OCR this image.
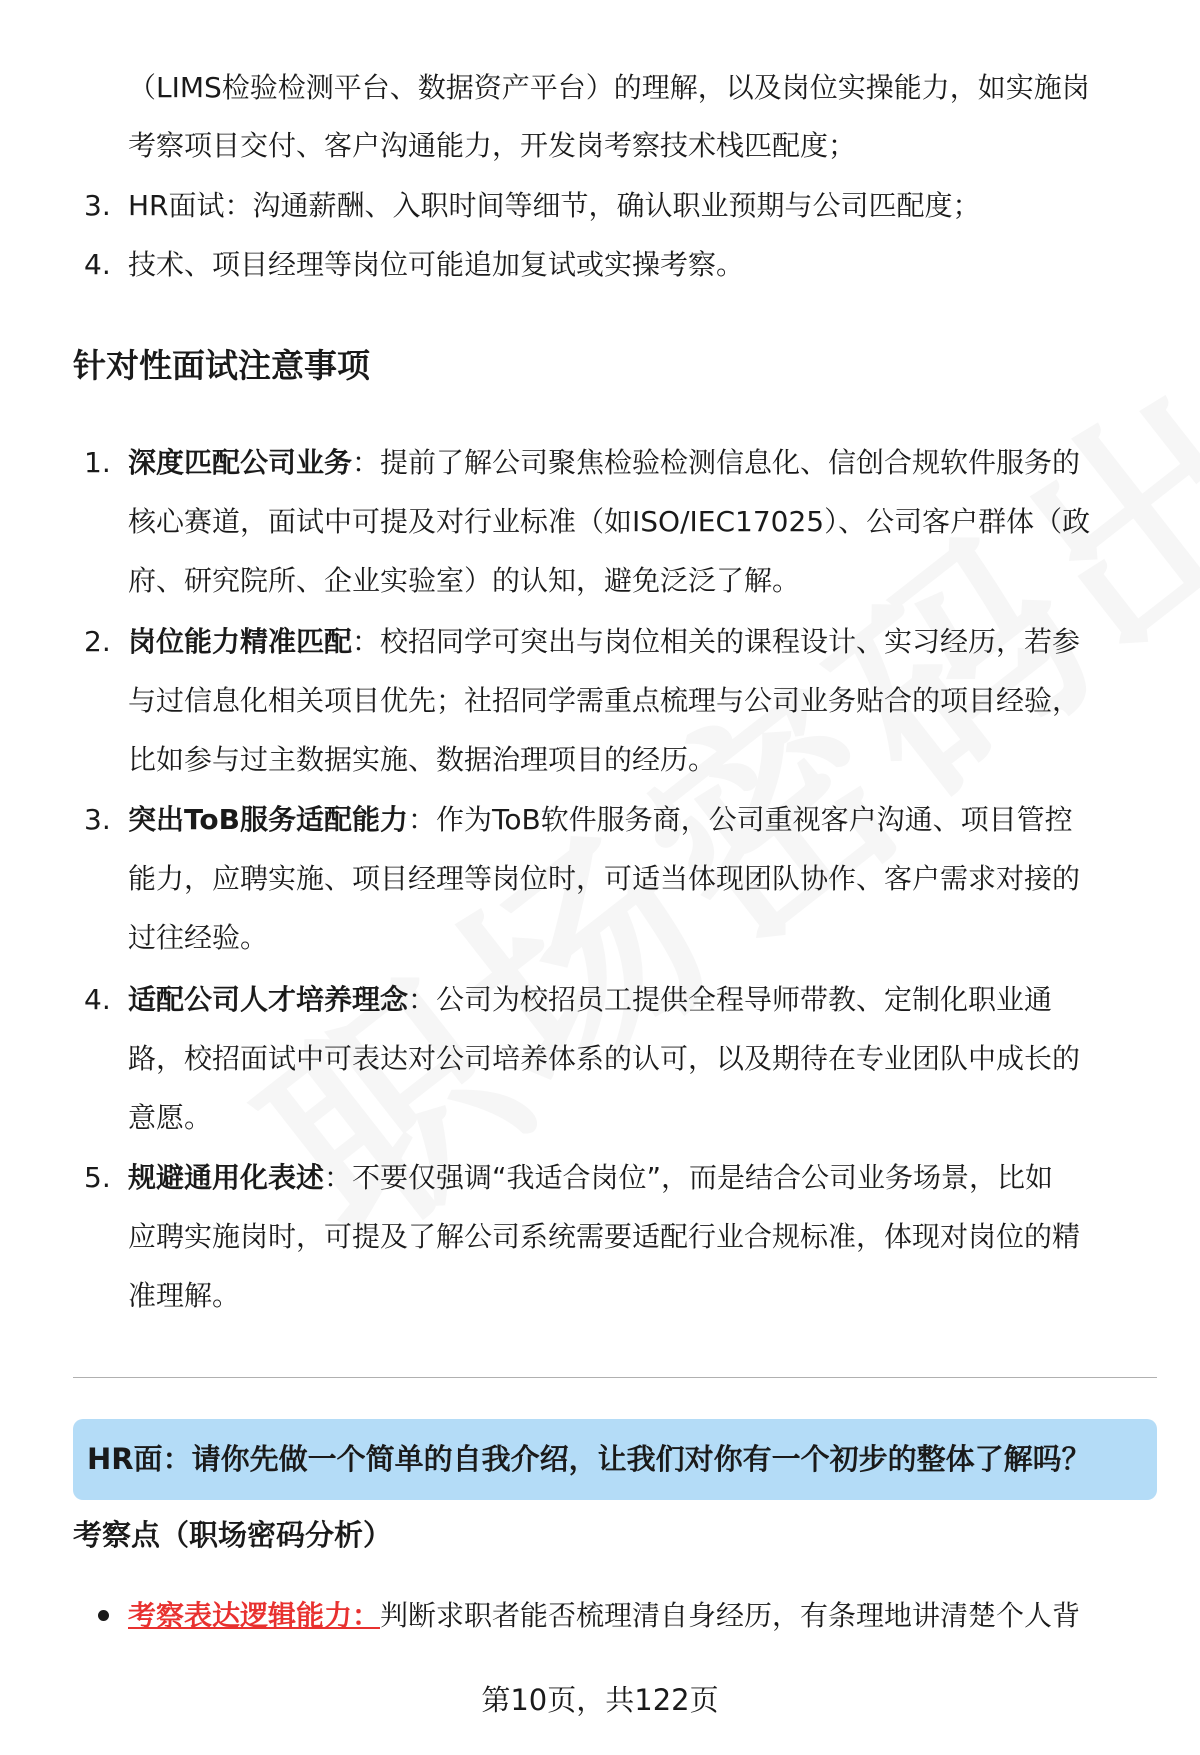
（LIMS检验检测平台、数据资产平台）的理解，以及岗位实操能力，如实施岗
考察项目交付、客户沟通能力，开发岗考察技术栈匹配度；
3. HR面试：沟通薪酬、入职时间等细节，确认职业预期与公司匹配度；
4. 技术、项目经理等岗位可能追加复试或实操考察。
针对性面试注意事项
1. 深度匹配公司业务：提前了解公司聚焦检验检测信息化、信创合规软件服务的
核心赛道，面试中可提及对行业标准（如ISO/IEC17025）、公司客户群体（政
府、研究院所、企业实验室）的认知，避免泛泛了解。
2. 岗位能力精准匹配：校招同学可突出与岗位相关的课程设计、实习经历，若参
与过信息化相关项目优先；社招同学需重点梳理与公司业务贴合的项目经验，
比如参与过主数据实施、数据治理项目的经历。
3. 突出ToB服务适配能力：作为ToB软件服务商，公司重视客户沟通、项目管控
能力，应聘实施、项目经理等岗位时，可适当体现团队协作、客户需求对接的
过往经验。
4. 适配公司人才培养理念：公司为校招员工提供全程导师带教、定制化职业通
路，校招面试中可表达对公司培养体系的认可，以及期待在专业团队中成长的
意愿。
5. 规避通用化表述：不要仅强调“我适合岗位”，而是结合公司业务场景，比如
应聘实施岗时，可提及了解公司系统需要适配行业合规标准，体现对岗位的精
准理解。
HR面：请你先做一个简单的自我介绍，让我们对你有一个初步的整体了解吗？
考察点（职场密码分析）
考察表达逻辑能力：判断求职者能否梳理清自身经历，有条理地讲清楚个人背
第10页，共122页
